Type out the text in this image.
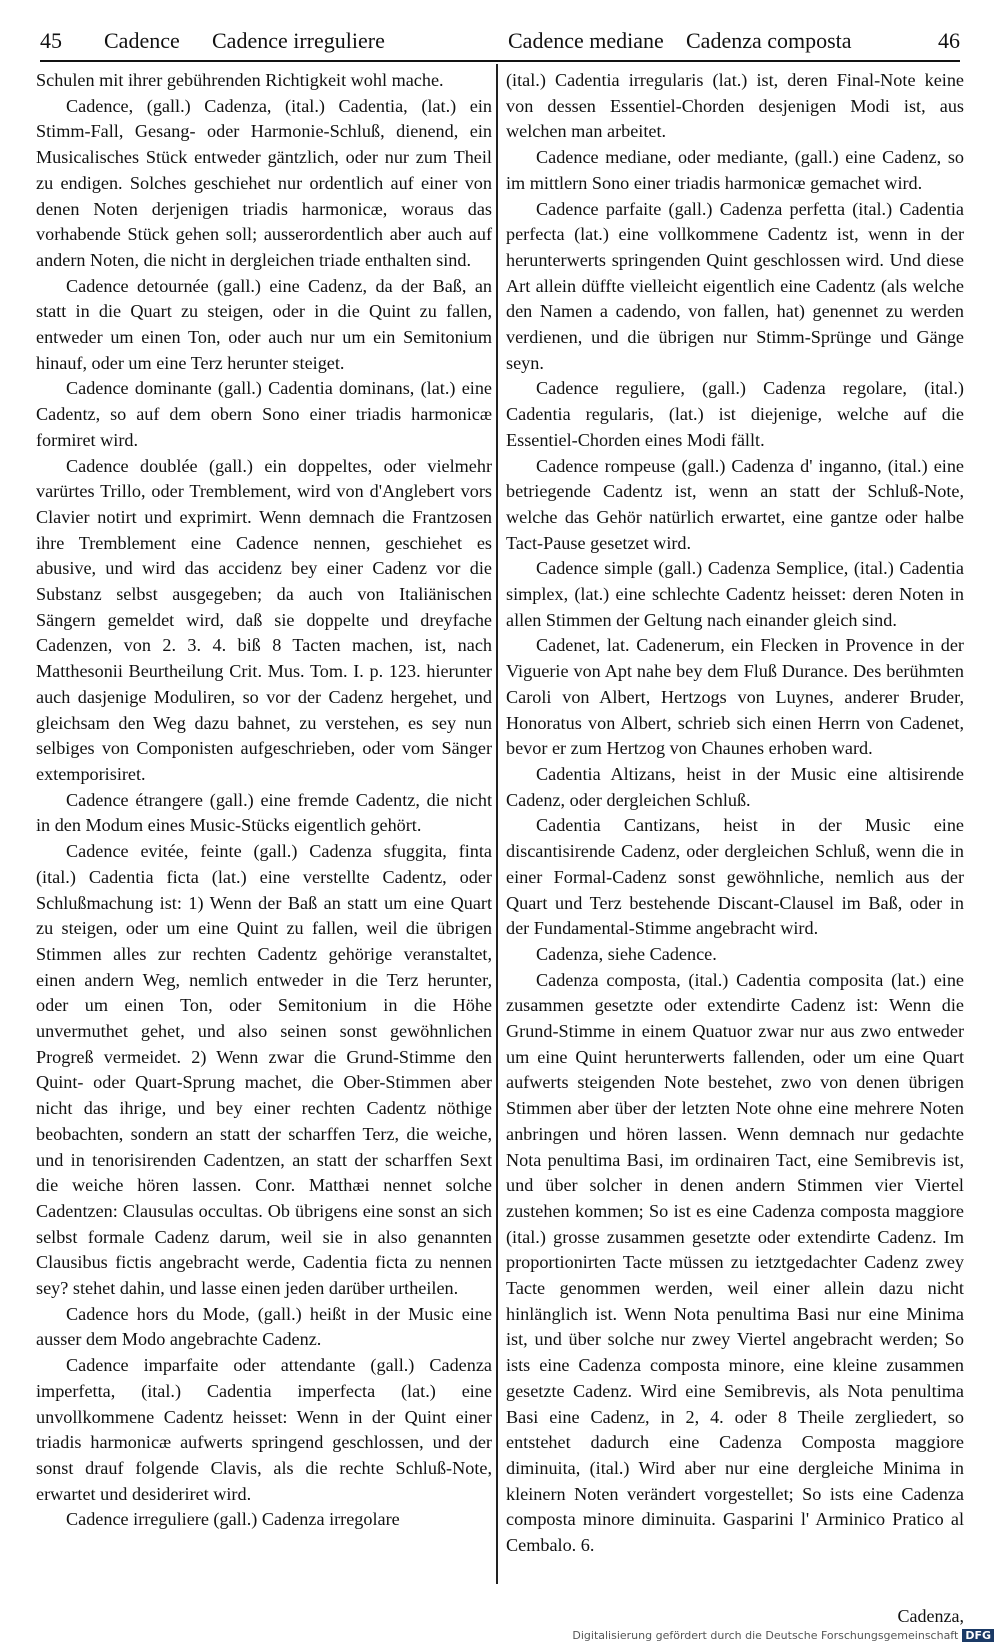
45 Cadence Cadence irreguliere	Cadence mediane Cadenza composta	46

Schulen mit ihrer gebührenden Richtigkeit wohl mache.

Cadence, (gall.) Cadenza, (ital.) Cadentia, (lat.) ein Stimm-Fall, Gesang- oder Harmonie-Schluß, dienend, ein Musicalisches Stück entweder gäntzlich, oder nur zum Theil zu endigen. Solches geschiehet nur ordentlich auf einer von denen Noten derjenigen triadis harmonicæ, woraus das vorhabende Stück gehen soll; ausserordentlich aber auch auf andern Noten, die nicht in dergleichen triade enthalten sind.

Cadence detournée (gall.) eine Cadenz, da der Baß, an statt in die Quart zu steigen, oder in die Quint zu fallen, entweder um einen Ton, oder auch nur um ein Semitonium hinauf, oder um eine Terz herunter steiget.

Cadence dominante (gall.) Cadentia dominans, (lat.) eine Cadentz, so auf dem obern Sono einer triadis harmonicæ formiret wird.

Cadence doublée (gall.) ein doppeltes, oder vielmehr varürtes Trillo, oder Tremblement, wird von d'Anglebert vors Clavier notirt und exprimirt. Wenn demnach die Frantzosen ihre Tremblement eine Cadence nennen, geschiehet es abusive, und wird das accidenz bey einer Cadenz vor die Substanz selbst ausgegeben; da auch von Italiänischen Sängern gemeldet wird, daß sie doppelte und dreyfache Cadenzen, von 2. 3. 4. biß 8 Tacten machen, ist, nach Matthesonii Beurtheilung Crit. Mus. Tom. I. p. 123. hierunter auch dasjenige Moduliren, so vor der Cadenz hergehet, und gleichsam den Weg dazu bahnet, zu verstehen, es sey nun selbiges von Componisten aufgeschrieben, oder vom Sänger extemporisiret.

Cadence étrangere (gall.) eine fremde Cadentz, die nicht in den Modum eines Music-Stücks eigentlich gehört.

Cadence evitée, feinte (gall.) Cadenza sfuggita, finta (ital.) Cadentia ficta (lat.) eine verstellte Cadentz, oder Schlußmachung ist: 1) Wenn der Baß an statt um eine Quart zu steigen, oder um eine Quint zu fallen, weil die übrigen Stimmen alles zur rechten Cadentz gehörige veranstaltet, einen andern Weg, nemlich entweder in die Terz herunter, oder um einen Ton, oder Semitonium in die Höhe unvermuthet gehet, und also seinen sonst gewöhnlichen Progreß vermeidet. 2) Wenn zwar die Grund-Stimme den Quint- oder Quart-Sprung machet, die Ober-Stimmen aber nicht das ihrige, und bey einer rechten Cadentz nöthige beobachten, sondern an statt der scharffen Terz, die weiche, und in tenorisirenden Cadentzen, an statt der scharffen Sext die weiche hören lassen. Conr. Matthæi nennet solche Cadentzen: Clausulas occultas. Ob übrigens eine sonst an sich selbst formale Cadenz darum, weil sie in also genannten Clausibus fictis angebracht werde, Cadentia ficta zu nennen sey? stehet dahin, und lasse einen jeden darüber urtheilen.

Cadence hors du Mode, (gall.) heißt in der Music eine ausser dem Modo angebrachte Cadenz.

Cadence imparfaite oder attendante (gall.) Cadenza imperfetta, (ital.) Cadentia imperfecta (lat.) eine unvollkommene Cadentz heisset: Wenn in der Quint einer triadis harmonicæ aufwerts springend geschlossen, und der sonst drauf folgende Clavis, als die rechte Schluß-Note, erwartet und desideriret wird.

Cadence irreguliere (gall.) Cadenza irregolare

(ital.) Cadentia irregularis (lat.) ist, deren Final-Note keine von dessen Essentiel-Chorden desjenigen Modi ist, aus welchen man arbeitet.

Cadence mediane, oder mediante, (gall.) eine Cadenz, so im mittlern Sono einer triadis harmonicæ gemachet wird.

Cadence parfaite (gall.) Cadenza perfetta (ital.) Cadentia perfecta (lat.) eine vollkommene Cadentz ist, wenn in der herunterwerts springenden Quint geschlossen wird. Und diese Art allein düffte vielleicht eigentlich eine Cadentz (als welche den Namen a cadendo, von fallen, hat) genennet zu werden verdienen, und die übrigen nur Stimm-Sprünge und Gänge seyn.

Cadence reguliere, (gall.) Cadenza regolare, (ital.) Cadentia regularis, (lat.) ist diejenige, welche auf die Essentiel-Chorden eines Modi fällt.

Cadence rompeuse (gall.) Cadenza d' inganno, (ital.) eine betriegende Cadentz ist, wenn an statt der Schluß-Note, welche das Gehör natürlich erwartet, eine gantze oder halbe Tact-Pause gesetzet wird.

Cadence simple (gall.) Cadenza Semplice, (ital.) Cadentia simplex, (lat.) eine schlechte Cadentz heisset: deren Noten in allen Stimmen der Geltung nach einander gleich sind.

Cadenet, lat. Cadenerum, ein Flecken in Provence in der Viguerie von Apt nahe bey dem Fluß Durance. Des berühmten Caroli von Albert, Hertzogs von Luynes, anderer Bruder, Honoratus von Albert, schrieb sich einen Herrn von Cadenet, bevor er zum Hertzog von Chaunes erhoben ward.

Cadentia Altizans, heist in der Music eine altisirende Cadenz, oder dergleichen Schluß.

Cadentia Cantizans, heist in der Music eine discantisirende Cadenz, oder dergleichen Schluß, wenn die in einer Formal-Cadenz sonst gewöhnliche, nemlich aus der Quart und Terz bestehende Discant-Clausel im Baß, oder in der Fundamental-Stimme angebracht wird.

Cadenza, siehe Cadence.

Cadenza composta, (ital.) Cadentia composita (lat.) eine zusammen gesetzte oder extendirte Cadenz ist: Wenn die Grund-Stimme in einem Quatuor zwar nur aus zwo entweder um eine Quint herunterwerts fallenden, oder um eine Quart aufwerts steigenden Note bestehet, zwo von denen übrigen Stimmen aber über der letzten Note ohne eine mehrere Noten anbringen und hören lassen. Wenn demnach nur gedachte Nota penultima Basi, im ordinairen Tact, eine Semibrevis ist, und über solcher in denen andern Stimmen vier Viertel zustehen kommen; So ist es eine Cadenza composta maggiore (ital.) grosse zusammen gesetzte oder extendirte Cadenz. Im proportionirten Tacte müssen zu ietztgedachter Cadenz zwey Tacte genommen werden, weil einer allein dazu nicht hinlänglich ist. Wenn Nota penultima Basi nur eine Minima ist, und über solche nur zwey Viertel angebracht werden; So ists eine Cadenza composta minore, eine kleine zusammen gesetzte Cadenz. Wird eine Semibrevis, als Nota penultima Basi eine Cadenz, in 2, 4. oder 8 Theile zergliedert, so entstehet dadurch eine Cadenza Composta maggiore diminuita, (ital.) Wird aber nur eine dergleiche Minima in kleinern Noten verändert vorgestellet; So ists eine Cadenza composta minore diminuita. Gasparini l' Arminico Pratico al Cembalo. 6.

Cadenza,
Digitalisierung gefördert durch die Deutsche Forschungsgemeinschaft DFG
